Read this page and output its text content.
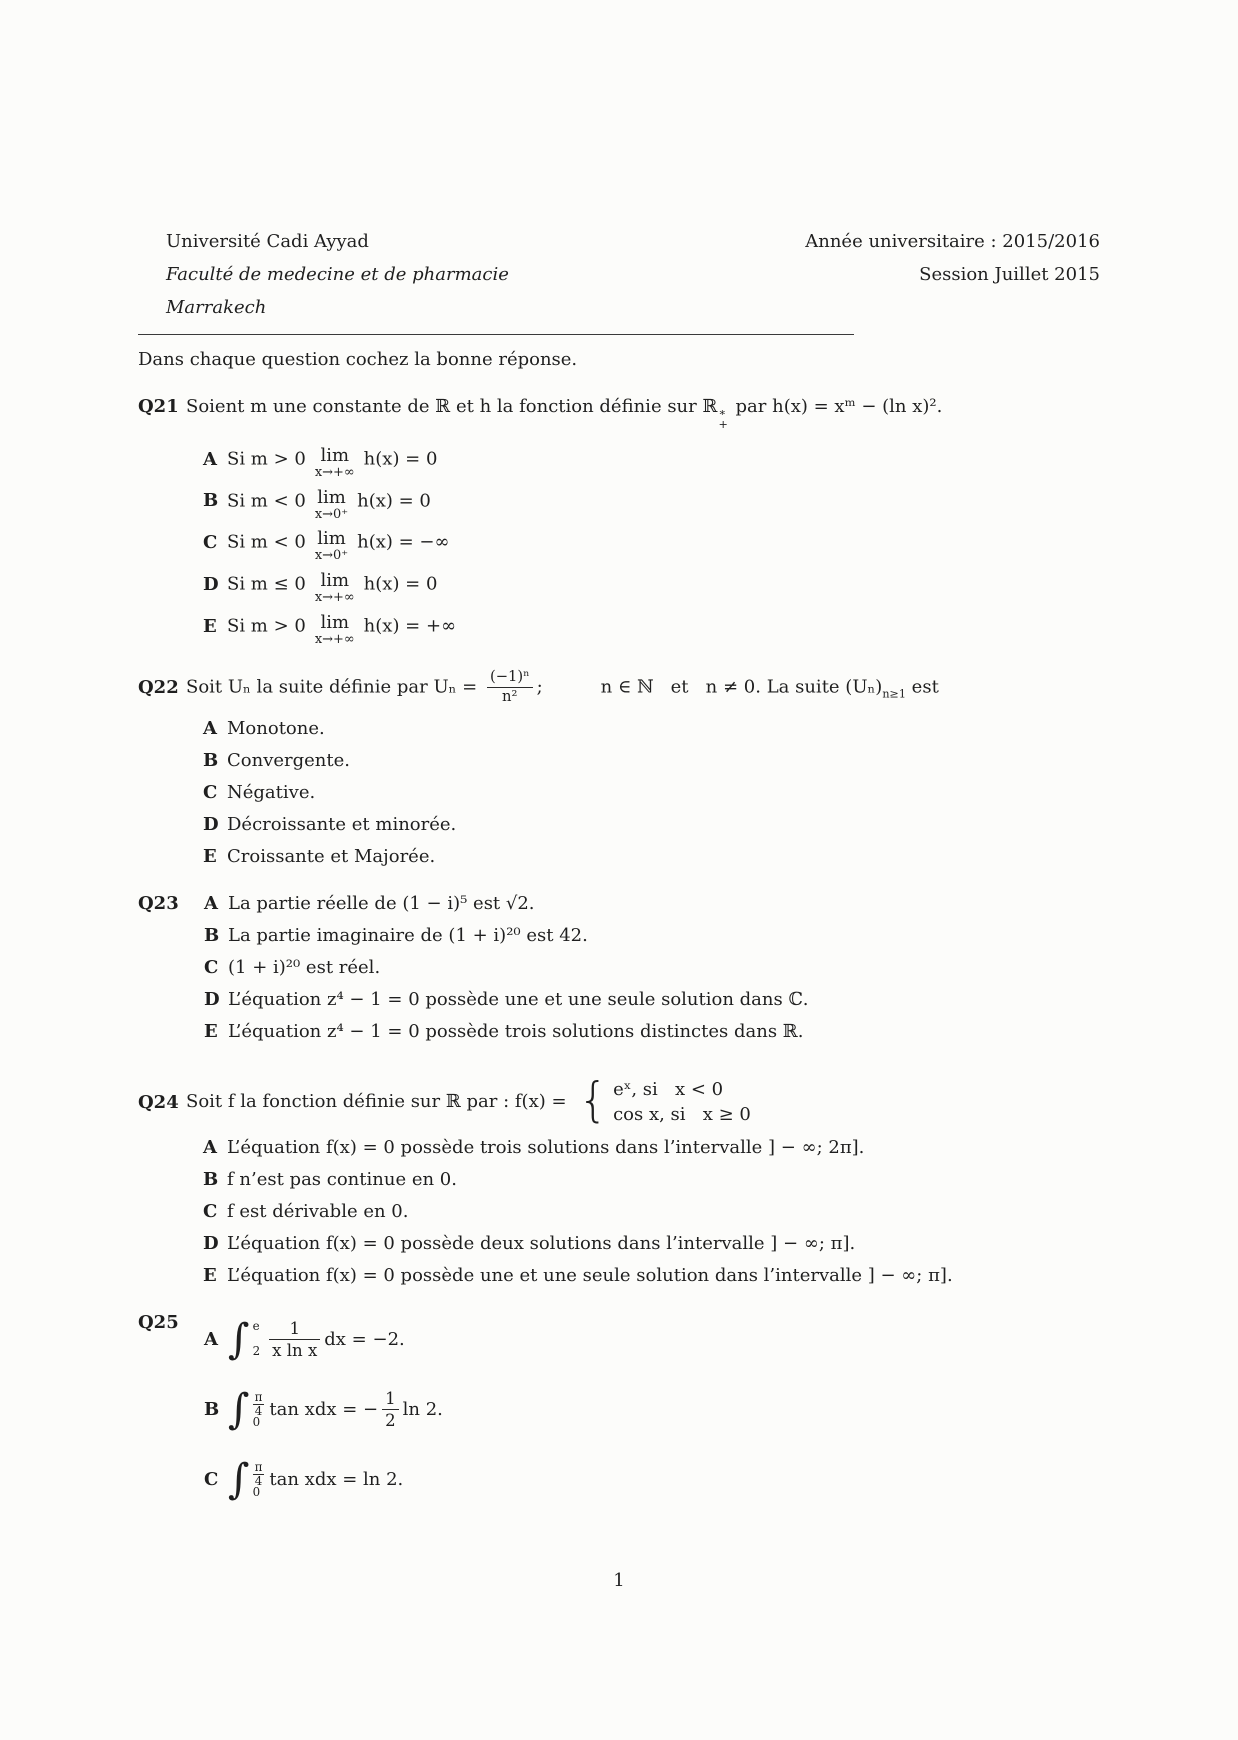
Université Cadi Ayyad
Faculté de medecine et de pharmacie
Marrakech
Année universitaire : 2015/2016
Session Juillet 2015
Dans chaque question cochez la bonne réponse.
Q21 Soient m une constante de ℝ et h la fonction définie sur ℝ ∗
+
par h(x) = xᵐ − (ln x)².
A Si m > 0 lim
x→+∞
h(x) = 0
B Si m < 0 lim
x→0⁺
h(x) = 0
C Si m < 0 lim
x→0⁺
h(x) = −∞
D Si m ≤ 0 lim
x→+∞
h(x) = 0
E Si m > 0 lim
x→+∞
h(x) = +∞
Q22 Soit Uₙ la suite définie par $U_n = \frac{\text{(−1)ⁿ}}{\text{n²}}$ ;	n ∈ ℕ   et   n ≠ 0. La suite $(U_n)_{n\ge 1}$ est
A Monotone.
B Convergente.
C Négative.
D Décroissante et minorée.
E Croissante et Majorée.
Q23	A La partie réelle de (1 − i)⁵ est √2.
B La partie imaginaire de (1 + i)²⁰ est 42.
C (1 + i)²⁰ est réel.
D L’équation z⁴ − 1 = 0 possède une et une seule solution dans ℂ.
E L’équation z⁴ − 1 = 0 possède trois solutions distinctes dans ℝ.
Q24 Soit f la fonction définie sur ℝ par : f(x) = { eˣ, si   x < 0
cos x, si   x ≥ 0
A L’équation f(x) = 0 possède trois solutions dans l’intervalle ] − ∞; 2π].
B f n’est pas continue en 0.
C f est dérivable en 0.
D L’équation f(x) = 0 possède deux solutions dans l’intervalle ] − ∞; π].
E L’équation f(x) = 0 possède une et une seule solution dans l’intervalle ] − ∞; π].
Q25
A ∫ e
$2 \frac{1}{\text{x ln x}}$ dx = −2.
B ∫ $\frac{\pi}{4}$
0
tan xdx = − $\frac{1}{2}$ ln 2.
C ∫ $\frac{\pi}{4}$
0
tan xdx = ln 2.
1
